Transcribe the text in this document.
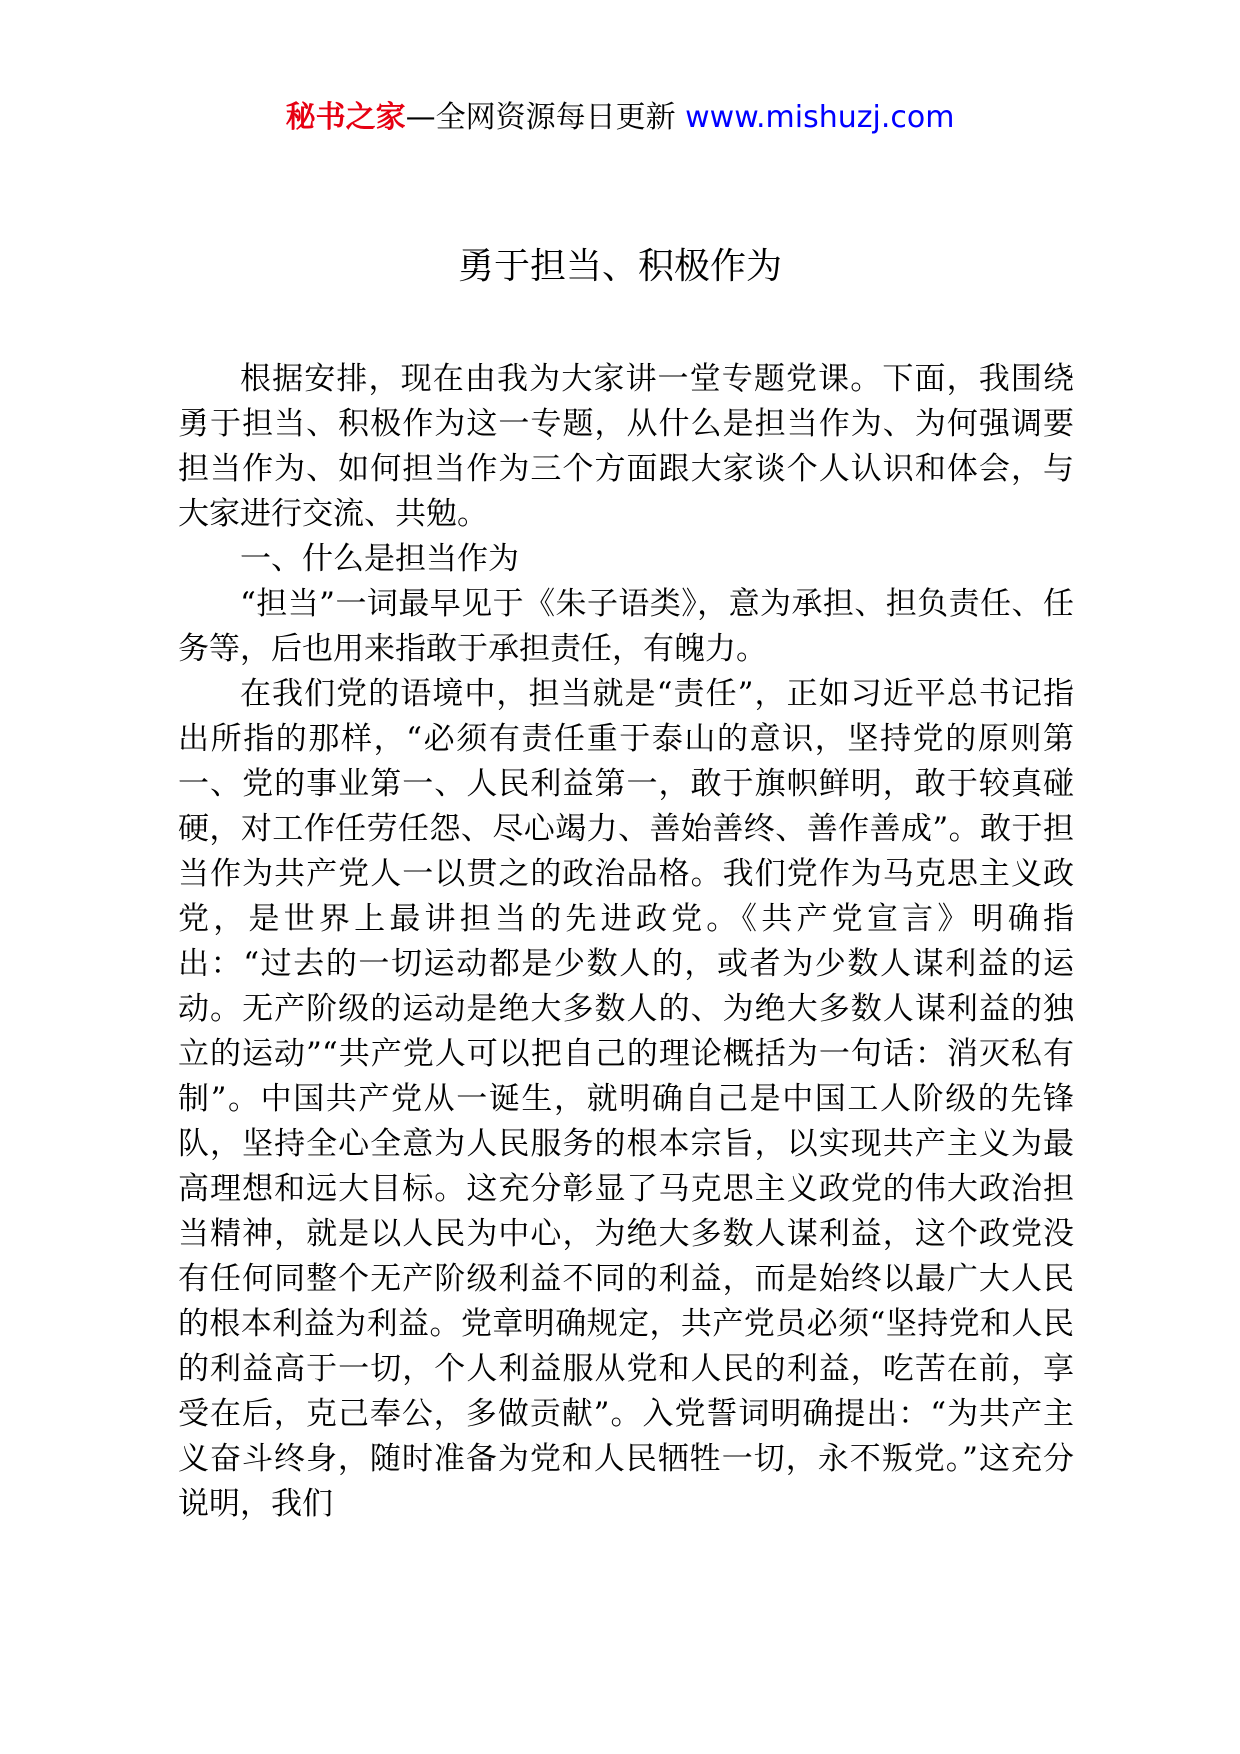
秘书之家—全网资源每日更新 www.mishuzj.com
勇于担当、积极作为

根据安排，现在由我为大家讲一堂专题党课。下面，我围绕勇于担当、积极作为这一专题，从什么是担当作为、为何强调要担当作为、如何担当作为三个方面跟大家谈个人认识和体会，与大家进行交流、共勉。

一、什么是担当作为

“担当”一词最早见于《朱子语类》，意为承担、担负责任、任务等，后也用来指敢于承担责任，有魄力。

在我们党的语境中，担当就是“责任”，正如习近平总书记指出所指的那样，“必须有责任重于泰山的意识，坚持党的原则第一、党的事业第一、人民利益第一，敢于旗帜鲜明，敢于较真碰硬，对工作任劳任怨、尽心竭力、善始善终、善作善成”。敢于担当作为共产党人一以贯之的政治品格。我们党作为马克思主义政党，是世界上最讲担当的先进政党。《共产党宣言》明确指出：“过去的一切运动都是少数人的，或者为少数人谋利益的运动。无产阶级的运动是绝大多数人的、为绝大多数人谋利益的独立的运动”“共产党人可以把自己的理论概括为一句话：消灭私有制”。中国共产党从一诞生，就明确自己是中国工人阶级的先锋队，坚持全心全意为人民服务的根本宗旨，以实现共产主义为最高理想和远大目标。这充分彰显了马克思主义政党的伟大政治担当精神，就是以人民为中心，为绝大多数人谋利益，这个政党没有任何同整个无产阶级利益不同的利益，而是始终以最广大人民的根本利益为利益。党章明确规定，共产党员必须“坚持党和人民的利益高于一切，个人利益服从党和人民的利益，吃苦在前，享受在后，克己奉公，多做贡献”。入党誓词明确提出：“为共产主义奋斗终身，随时准备为党和人民牺牲一切，永不叛党。”这充分说明，我们
